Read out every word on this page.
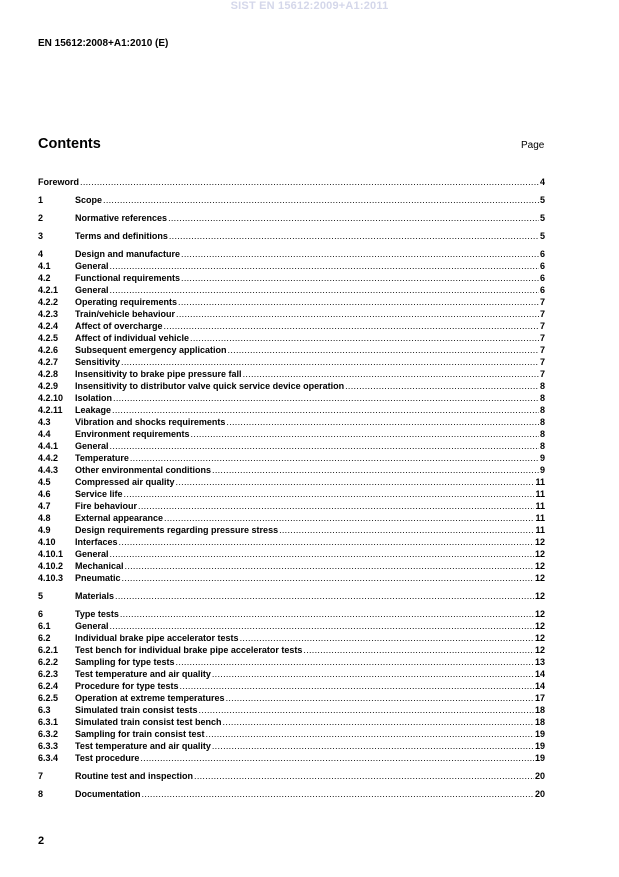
SIST EN 15612:2009+A1:2011
EN 15612:2008+A1:2010 (E)
Contents	Page
Foreword .....	4
1	Scope .....	5
2	Normative references .....	5
3	Terms and definitions .....	5
4	Design and manufacture .....	6
4.1	General .....	6
4.2	Functional requirements .....	6
4.2.1	General .....	6
4.2.2	Operating requirements .....	7
4.2.3	Train/vehicle behaviour .....	7
4.2.4	Affect of overcharge .....	7
4.2.5	Affect of individual vehicle .....	7
4.2.6	Subsequent emergency application .....	7
4.2.7	Sensitivity .....	7
4.2.8	Insensitivity to brake pipe pressure fall .....	7
4.2.9	Insensitivity to distributor valve quick service device operation .....	8
4.2.10	Isolation .....	8
4.2.11	Leakage .....	8
4.3	Vibration and shocks requirements .....	8
4.4	Environment requirements .....	8
4.4.1	General .....	8
4.4.2	Temperature .....	9
4.4.3	Other environmental conditions .....	9
4.5	Compressed air quality .....	11
4.6	Service life .....	11
4.7	Fire behaviour .....	11
4.8	External appearance .....	11
4.9	Design requirements regarding pressure stress .....	11
4.10	Interfaces .....	12
4.10.1	General .....	12
4.10.2	Mechanical .....	12
4.10.3	Pneumatic .....	12
5	Materials .....	12
6	Type tests .....	12
6.1	General .....	12
6.2	Individual brake pipe accelerator tests .....	12
6.2.1	Test bench for individual brake pipe accelerator tests .....	12
6.2.2	Sampling for type tests .....	13
6.2.3	Test temperature and air quality .....	14
6.2.4	Procedure for type tests .....	14
6.2.5	Operation at extreme temperatures .....	17
6.3	Simulated train consist tests .....	18
6.3.1	Simulated train consist test bench .....	18
6.3.2	Sampling for train consist test .....	19
6.3.3	Test temperature and air quality .....	19
6.3.4	Test procedure .....	19
7	Routine test and inspection .....	20
8	Documentation .....	20
2
